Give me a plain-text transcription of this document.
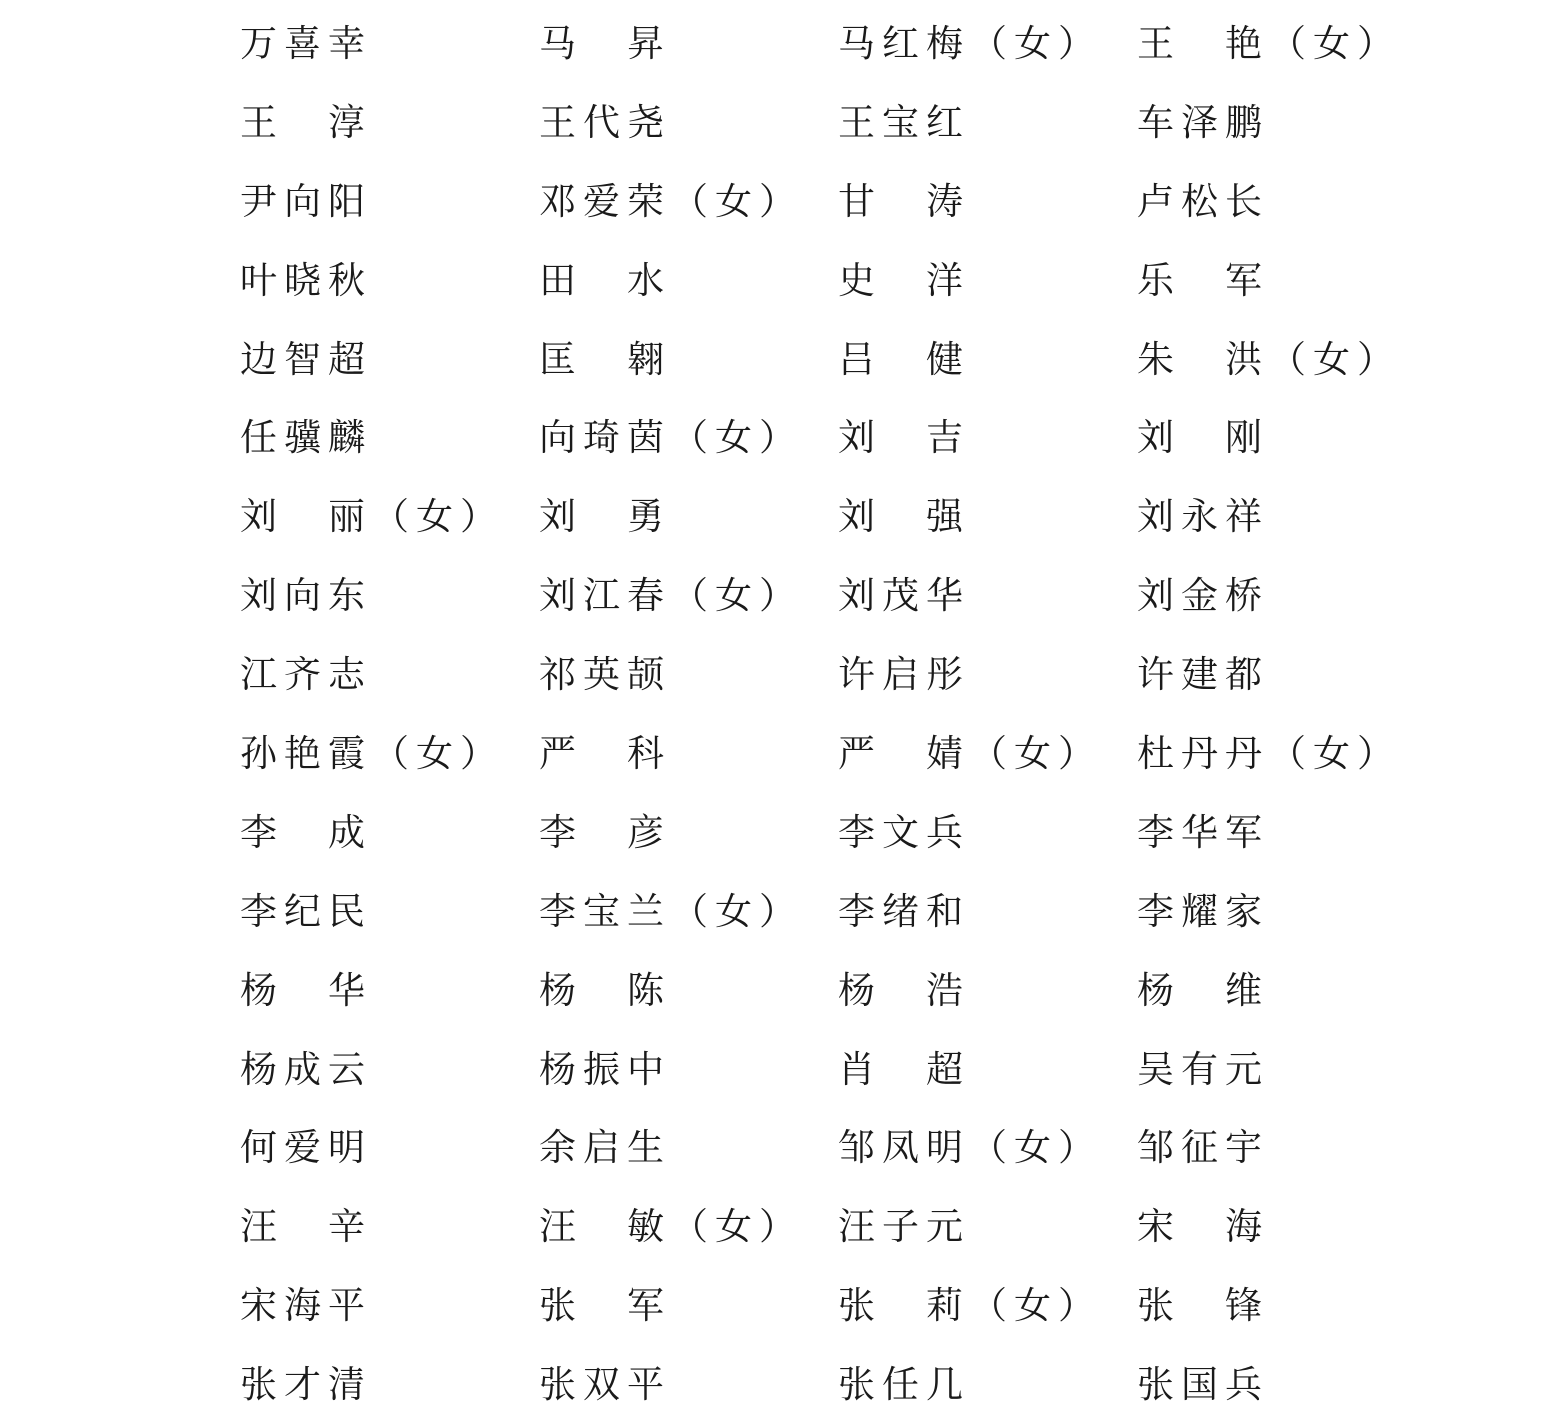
万喜幸	马　昇	马红梅（女） 王　艳（女）
王　淳	王代尧	王宝红	车泽鹏
尹向阳	邓爱荣（女） 甘　涛	卢松长
叶晓秋	田　水	史　洋	乐　军
边智超	匡　翱	吕　健	朱　洪（女）
任骥麟	向琦茵（女） 刘　吉	刘　刚
刘　丽（女） 刘　勇	刘　强	刘永祥
刘向东	刘江春（女） 刘茂华	刘金桥
江齐志	祁英颉	许启彤	许建都
孙艳霞（女） 严　科	严　婧（女） 杜丹丹（女）
李　成	李　彦	李文兵	李华军
李纪民	李宝兰（女） 李绪和	李耀家
杨　华	杨　陈	杨　浩	杨　维
杨成云	杨振中	肖　超	吴有元
何爱明	余启生	邹凤明（女） 邹征宇
汪　辛	汪　敏（女） 汪子元	宋　海
宋海平	张　军	张　莉（女） 张　锋
张才清	张双平	张任几	张国兵
